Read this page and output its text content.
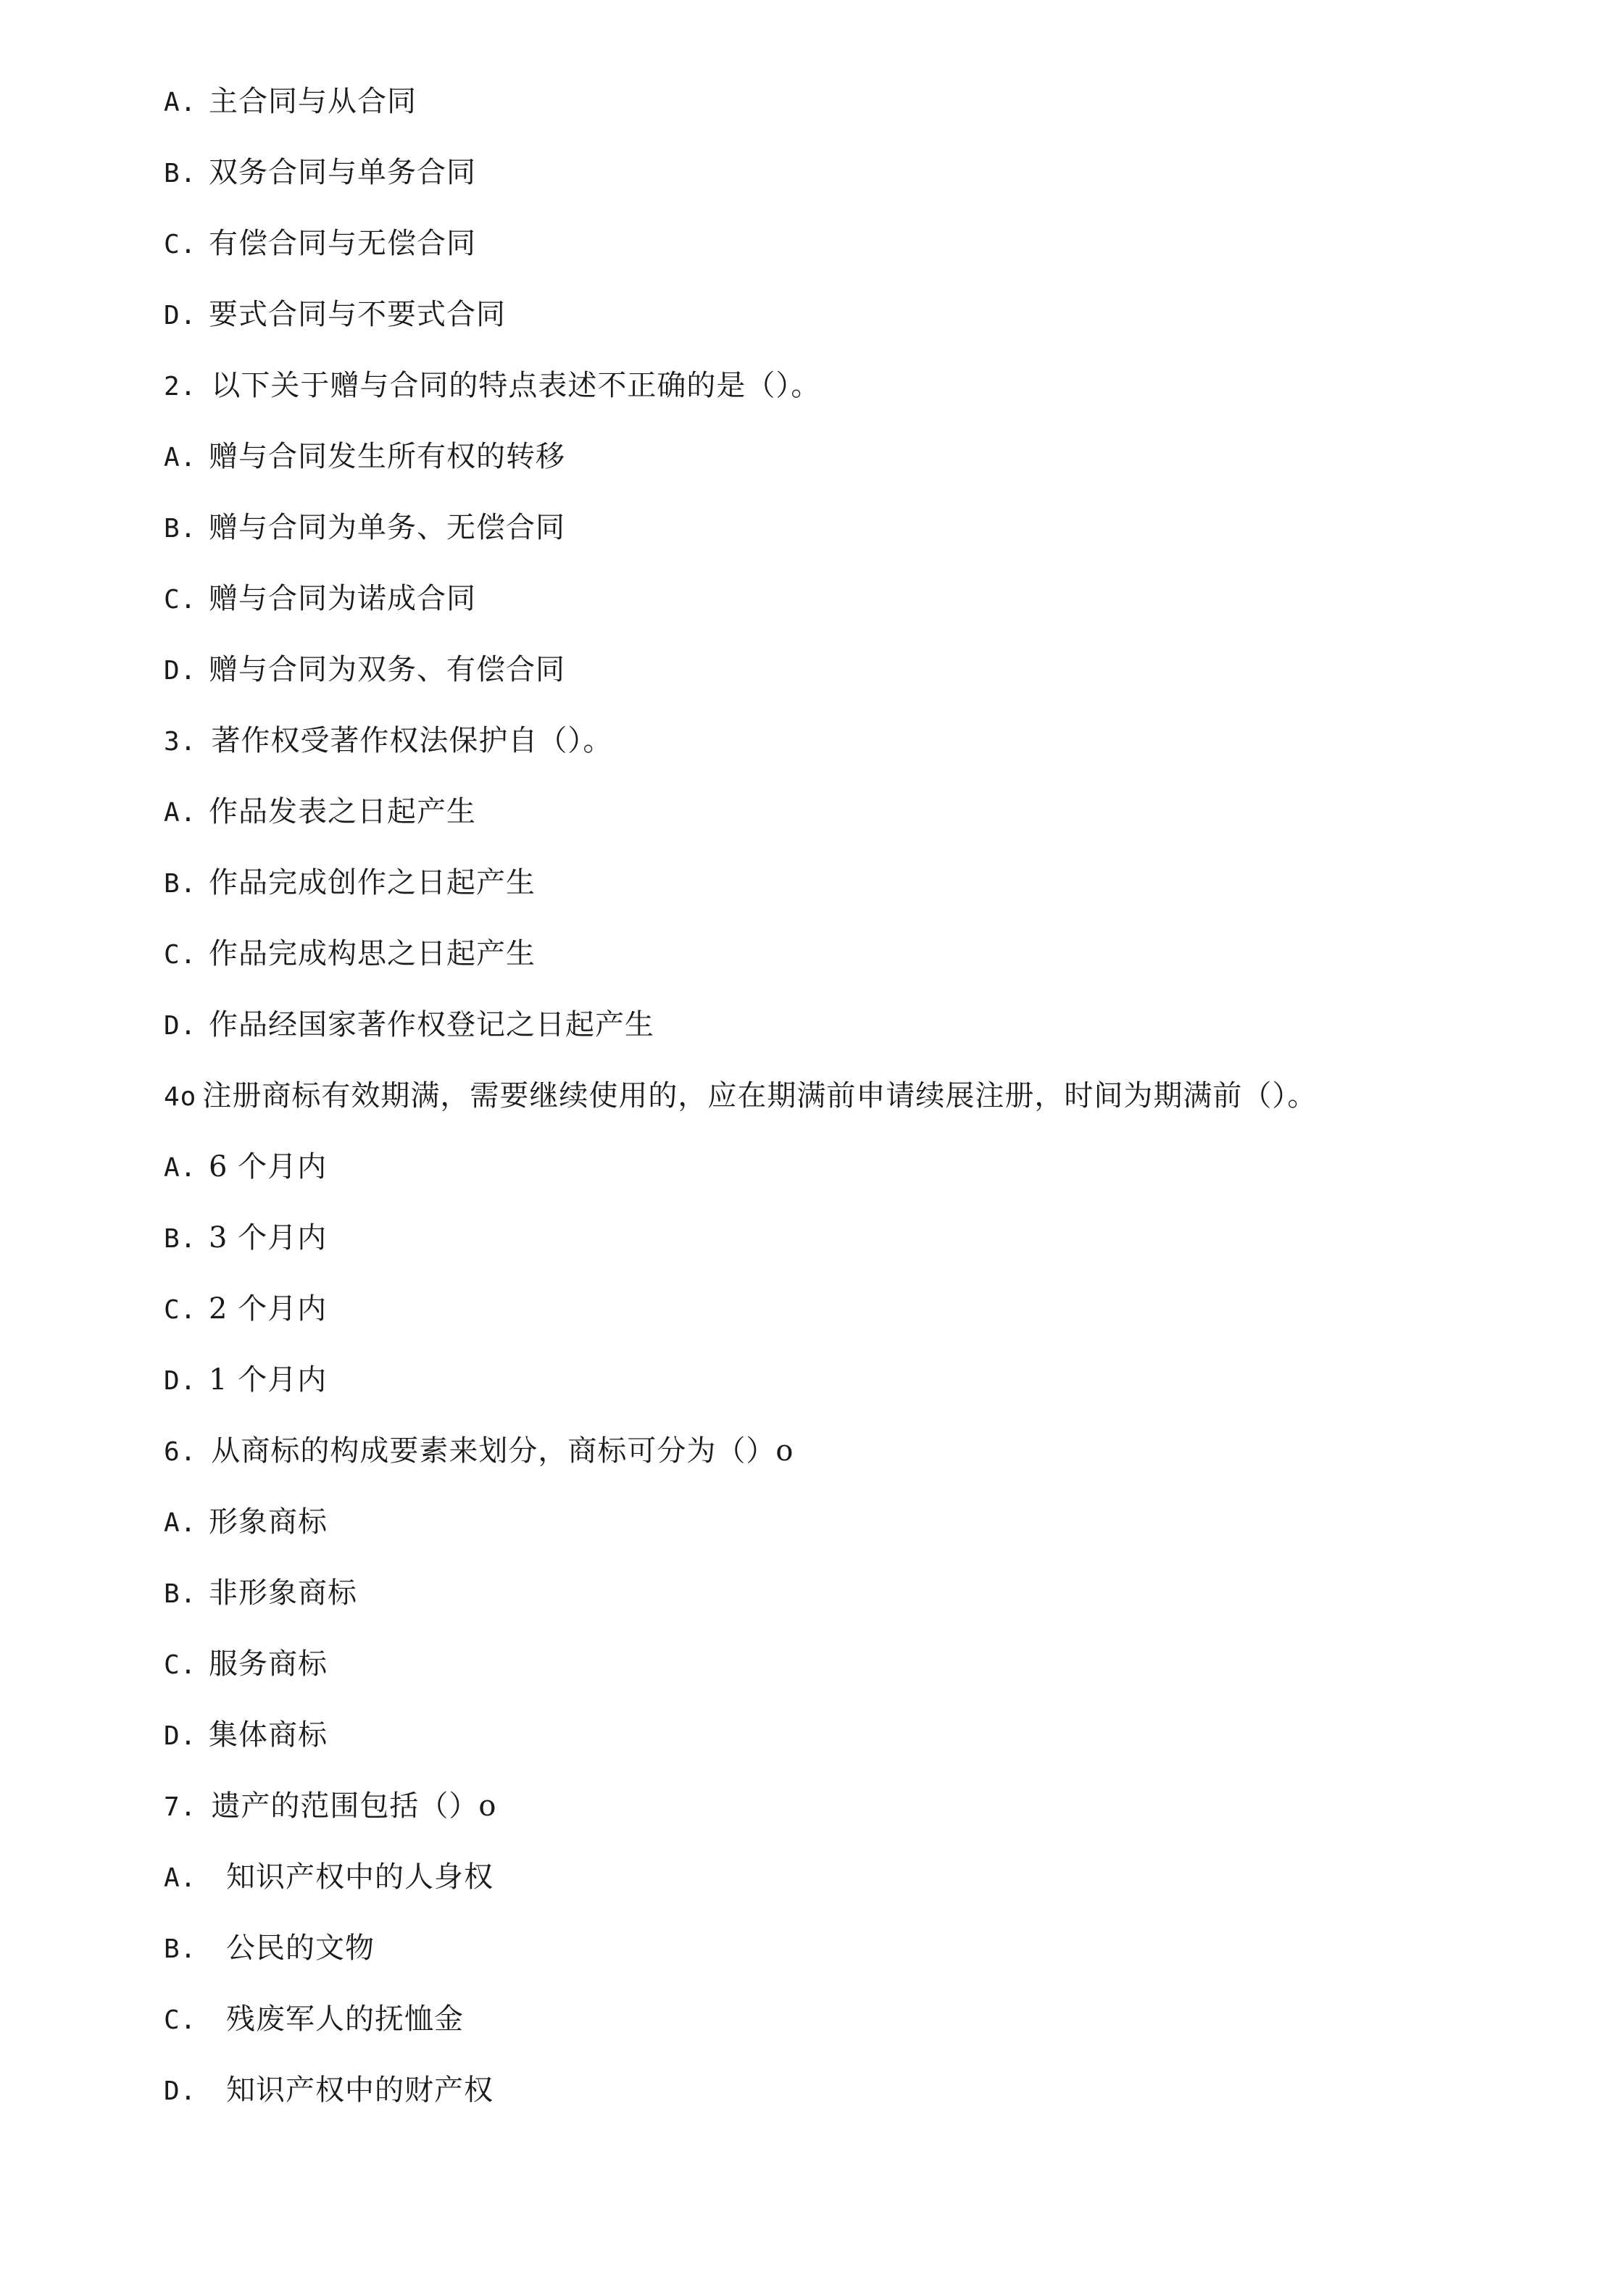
A. 主合同与从合同
B. 双务合同与单务合同
C. 有偿合同与无偿合同
D. 要式合同与不要式合同
2. 以下关于赠与合同的特点表述不正确的是（）。
A. 赠与合同发生所有权的转移
B. 赠与合同为单务、无偿合同
C. 赠与合同为诺成合同
D. 赠与合同为双务、有偿合同
3. 著作权受著作权法保护自（）。
A. 作品发表之日起产生
B. 作品完成创作之日起产生
C. 作品完成构思之日起产生
D. 作品经国家著作权登记之日起产生
4o 注册商标有效期满，需要继续使用的，应在期满前申请续展注册，时间为期满前（）。
A. 6 个月内
B. 3 个月内
C. 2 个月内
D. 1 个月内
6. 从商标的构成要素来划分，商标可分为（）o
A. 形象商标
B. 非形象商标
C. 服务商标
D. 集体商标
7. 遗产的范围包括（）o
A. 知识产权中的人身权
B. 公民的文物
C. 残废军人的抚恤金
D. 知识产权中的财产权
